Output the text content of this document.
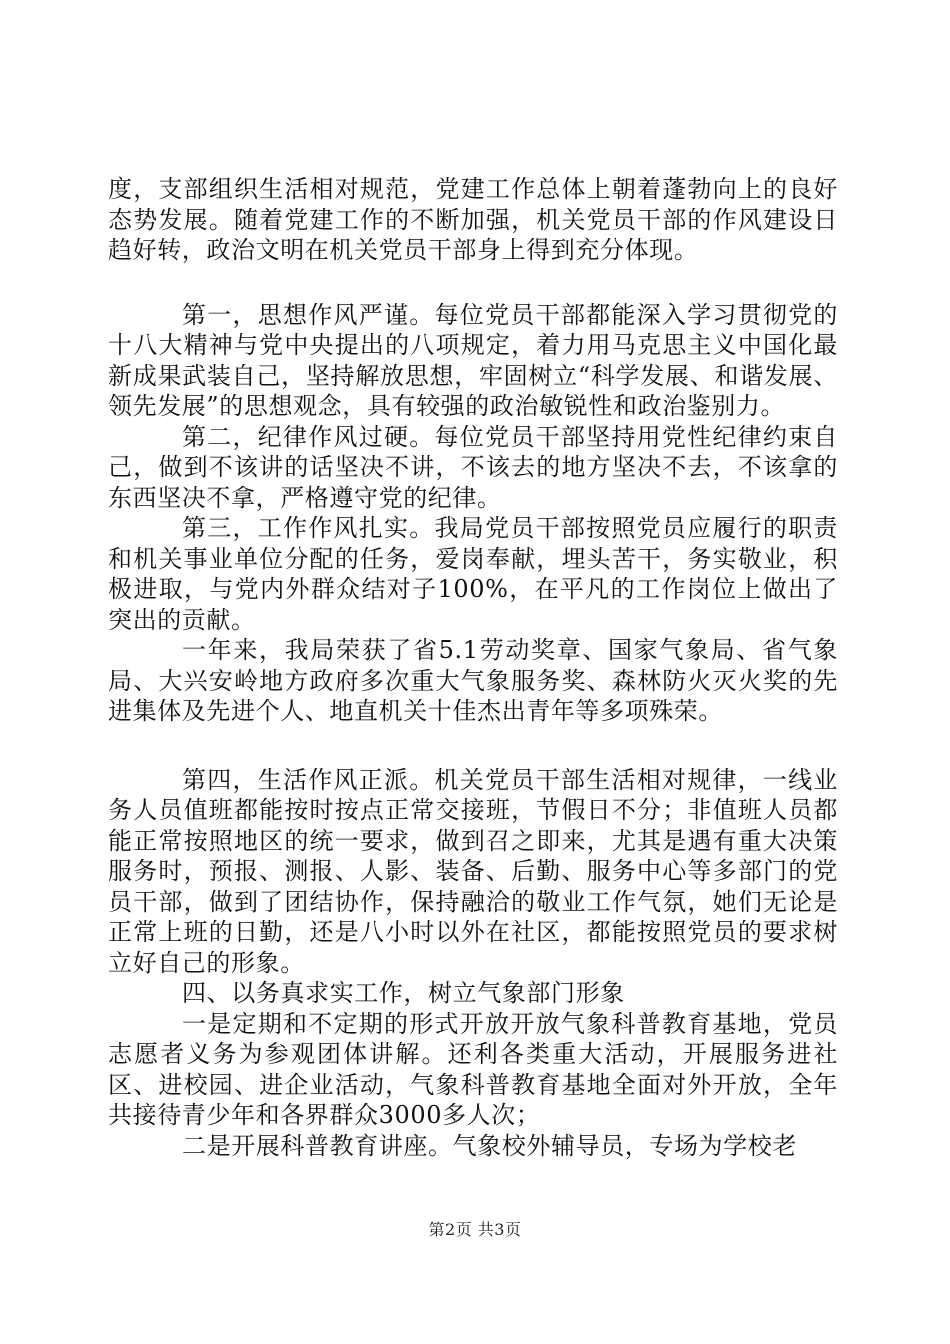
度，支部组织生活相对规范，党建工作总体上朝着蓬勃向上的良好态势发展。随着党建工作的不断加强，机关党员干部的作风建设日趋好转，政治文明在机关党员干部身上得到充分体现。

第一，思想作风严谨。每位党员干部都能深入学习贯彻党的十八大精神与党中央提出的八项规定，着力用马克思主义中国化最新成果武装自己，坚持解放思想，牢固树立“科学发展、和谐发展、领先发展”的思想观念，具有较强的政治敏锐性和政治鉴别力。

第二，纪律作风过硬。每位党员干部坚持用党性纪律约束自己，做到不该讲的话坚决不讲，不该去的地方坚决不去，不该拿的东西坚决不拿，严格遵守党的纪律。

第三，工作作风扎实。我局党员干部按照党员应履行的职责和机关事业单位分配的任务，爱岗奉献，埋头苦干，务实敬业，积极进取，与党内外群众结对子100%，在平凡的工作岗位上做出了突出的贡献。

一年来，我局荣获了省5.1劳动奖章、国家气象局、省气象局、大兴安岭地方政府多次重大气象服务奖、森林防火灭火奖的先进集体及先进个人、地直机关十佳杰出青年等多项殊荣。

第四，生活作风正派。机关党员干部生活相对规律，一线业务人员值班都能按时按点正常交接班，节假日不分；非值班人员都能正常按照地区的统一要求，做到召之即来，尤其是遇有重大决策服务时，预报、测报、人影、装备、后勤、服务中心等多部门的党员干部，做到了团结协作，保持融洽的敬业工作气氛，她们无论是正常上班的日勤，还是八小时以外在社区，都能按照党员的要求树立好自己的形象。

四、以务真求实工作，树立气象部门形象

一是定期和不定期的形式开放开放气象科普教育基地，党员志愿者义务为参观团体讲解。还利各类重大活动，开展服务进社区、进校园、进企业活动，气象科普教育基地全面对外开放，全年共接待青少年和各界群众3000多人次；

二是开展科普教育讲座。气象校外辅导员，专场为学校老

第2页 共3页
